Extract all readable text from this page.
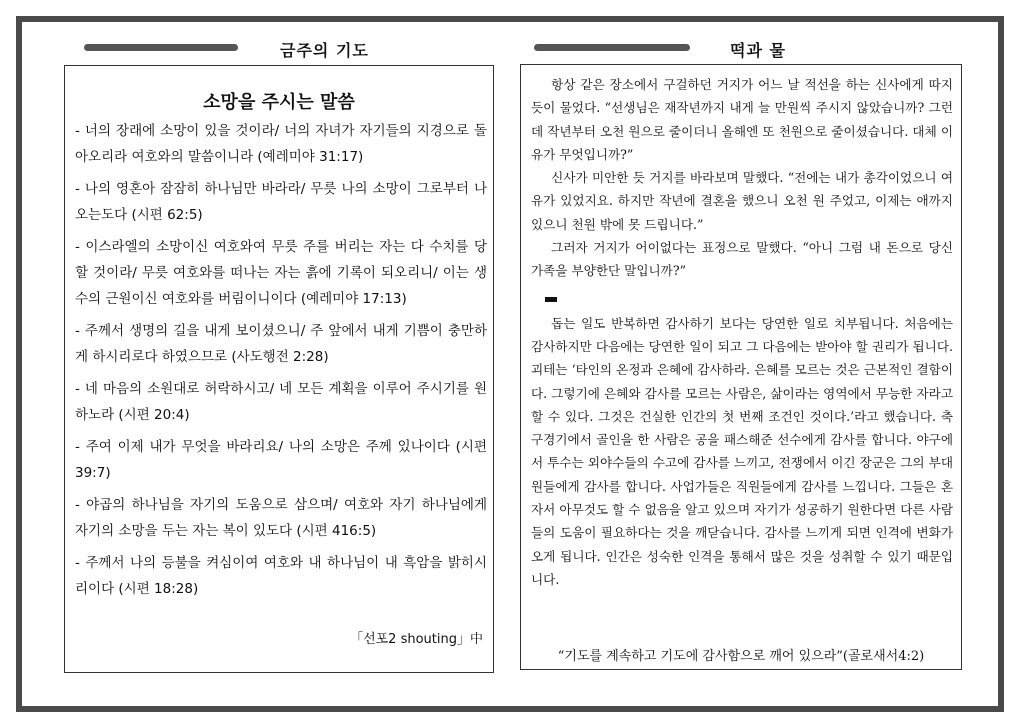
금주의 기도	떡과 물
소망을 주시는 말씀
- 너의 장래에 소망이 있을 것이라/ 너의 자녀가 자기들의 지경으로 돌아오리라 여호와의 말씀이니라 (예레미야 31:17)
- 나의 영혼아 잠잠히 하나님만 바라라/ 무릇 나의 소망이 그로부터 나오는도다 (시편 62:5)
- 이스라엘의 소망이신 여호와여 무릇 주를 버리는 자는 다 수치를 당할 것이라/ 무릇 여호와를 떠나는 자는 흙에 기록이 되오리니/ 이는 생수의 근원이신 여호와를 버림이니이다 (예레미야 17:13)
- 주께서 생명의 길을 내게 보이셨으니/ 주 앞에서 내게 기쁨이 충만하게 하시리로다 하였으므로 (사도행전 2:28)
- 네 마음의 소원대로 허락하시고/ 네 모든 계획을 이루어 주시기를 원하노라 (시편 20:4)
- 주여 이제 내가 무엇을 바라리요/ 나의 소망은 주께 있나이다 (시편 39:7)
- 야곱의 하나님을 자기의 도움으로 삼으며/ 여호와 자기 하나님에게 자기의 소망을 두는 자는 복이 있도다 (시편 416:5)
- 주께서 나의 등불을 켜심이여 여호와 내 하나님이 내 흑암을 밝히시리이다 (시편 18:28)
「선포2 shouting」中

항상 같은 장소에서 구걸하던 거지가 어느 날 적선을 하는 신사에게 따지듯이 물었다. “선생님은 재작년까지 내게 늘 만원씩 주시지 않았습니까? 그런데 작년부터 오천 원으로 줄이더니 올해엔 또 천원으로 줄이셨습니다. 대체 이유가 무엇입니까?”

신사가 미안한 듯 거지를 바라보며 말했다. “전에는 내가 총각이었으니 여유가 있었지요. 하지만 작년에 결혼을 했으니 오천 원 주었고, 이제는 애까지 있으니 천원 밖에 못 드립니다.”

그러자 거지가 어이없다는 표정으로 말했다. “아니 그럼 내 돈으로 당신 가족을 부양한단 말입니까?”

돕는 일도 반복하면 감사하기 보다는 당연한 일로 치부됩니다. 처음에는 감사하지만 다음에는 당연한 일이 되고 그 다음에는 받아야 할 권리가 됩니다. 괴테는 ‘타인의 온정과 은혜에 감사하라. 은혜를 모르는 것은 근본적인 결함이다. 그렇기에 은혜와 감사를 모르는 사람은, 삶이라는 영역에서 무능한 자라고 할 수 있다. 그것은 건실한 인간의 첫 번째 조건인 것이다.’라고 했습니다. 축구경기에서 골인을 한 사람은 공을 패스해준 선수에게 감사를 합니다. 야구에서 투수는 외야수들의 수고에 감사를 느끼고, 전쟁에서 이긴 장군은 그의 부대원들에게 감사를 합니다. 사업가들은 직원들에게 감사를 느낍니다. 그들은 혼자서 아무것도 할 수 없음을 알고 있으며 자기가 성공하기 원한다면 다른 사람들의 도움이 필요하다는 것을 깨닫습니다. 감사를 느끼게 되면 인격에 변화가 오게 됩니다. 인간은 성숙한 인격을 통해서 많은 것을 성취할 수 있기 때문입니다.

“기도를 계속하고 기도에 감사함으로 깨어 있으라”(골로새서4:2)
